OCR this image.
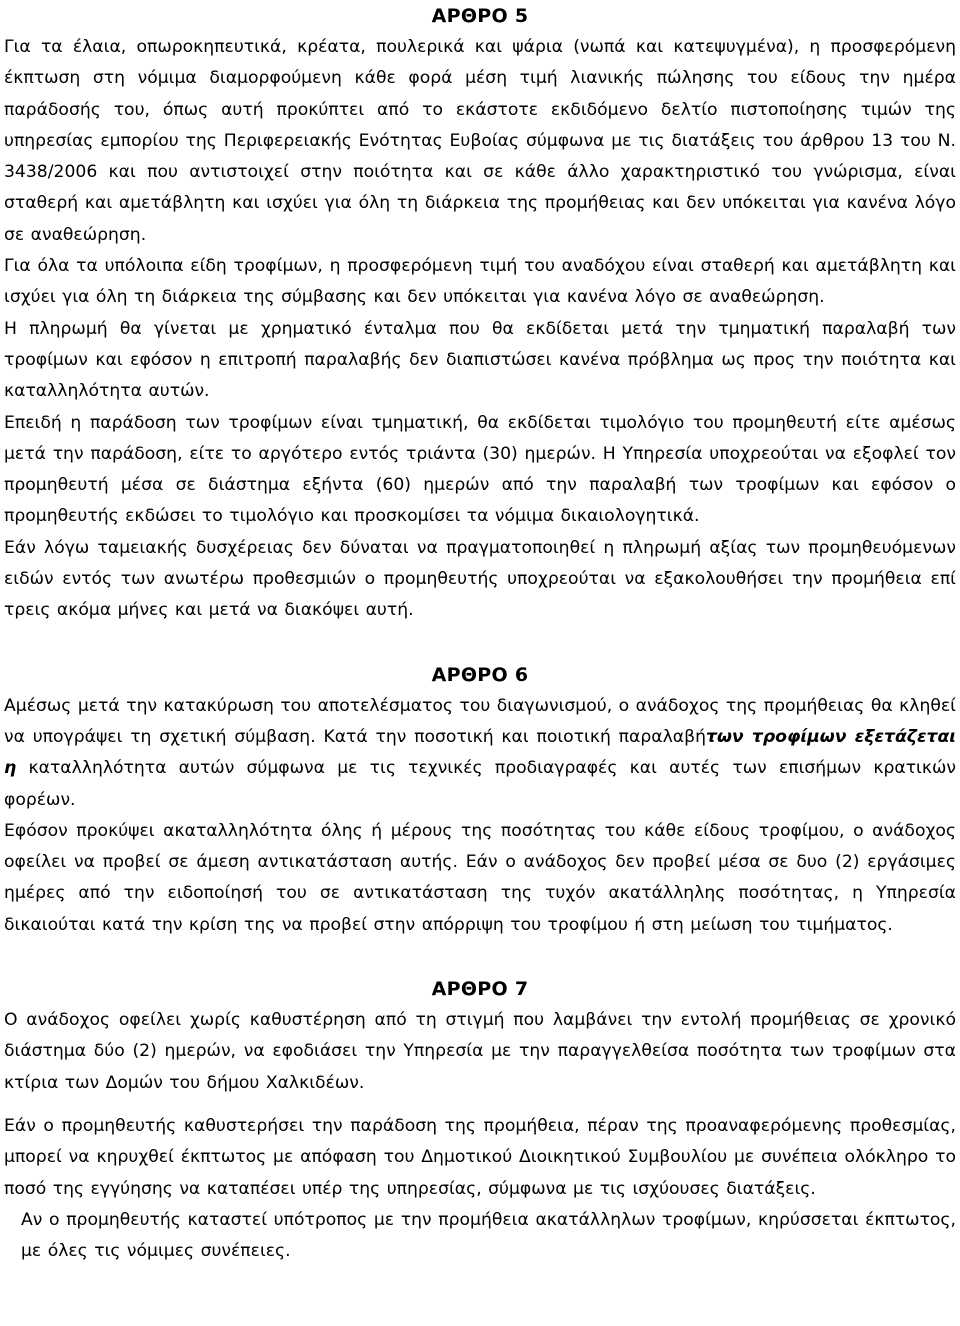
ΑΡΘΡΟ 5

Για τα έλαια, οπωροκηπευτικά, κρέατα, πουλερικά και ψάρια (νωπά και κατεψυγμένα), η προσφερόμενη έκπτωση στη νόμιμα διαμορφούμενη κάθε φορά μέση τιμή λιανικής πώλησης του είδους την ημέρα παράδοσής του, όπως αυτή προκύπτει από το εκάστοτε εκδιδόμενο δελτίο πιστοποίησης τιμών της υπηρεσίας εμπορίου της Περιφερειακής Ενότητας Ευβοίας σύμφωνα με τις διατάξεις του άρθρου 13 του Ν. 3438/2006 και που αντιστοιχεί στην ποιότητα και σε κάθε άλλο χαρακτηριστικό του γνώρισμα, είναι σταθερή και αμετάβλητη και ισχύει για όλη τη διάρκεια της προμήθειας και δεν υπόκειται για κανένα λόγο σε αναθεώρηση.

Για όλα τα υπόλοιπα είδη τροφίμων, η προσφερόμενη τιμή του αναδόχου είναι σταθερή και αμετάβλητη και ισχύει για όλη τη διάρκεια της σύμβασης και δεν υπόκειται για κανένα λόγο σε αναθεώρηση.

Η πληρωμή θα γίνεται με χρηματικό ένταλμα που θα εκδίδεται μετά την τμηματική παραλαβή των τροφίμων και εφόσον η επιτροπή παραλαβής δεν διαπιστώσει κανένα πρόβλημα ως προς την ποιότητα και καταλληλότητα αυτών.

Επειδή η παράδοση των τροφίμων είναι τμηματική, θα εκδίδεται τιμολόγιο του προμηθευτή είτε αμέσως μετά την παράδοση, είτε το αργότερο εντός τριάντα (30) ημερών. Η Υπηρεσία υποχρεούται να εξοφλεί τον προμηθευτή μέσα σε διάστημα εξήντα (60) ημερών από την παραλαβή των τροφίμων και εφόσον ο προμηθευτής εκδώσει το τιμολόγιο και προσκομίσει τα νόμιμα δικαιολογητικά.

Εάν λόγω ταμειακής δυσχέρειας δεν δύναται να πραγματοποιηθεί η πληρωμή αξίας των προμηθευόμενων ειδών εντός των ανωτέρω προθεσμιών ο προμηθευτής υποχρεούται να εξακολουθήσει την προμήθεια επί τρεις ακόμα μήνες και μετά να διακόψει αυτή.

ΑΡΘΡΟ 6

Αμέσως μετά την κατακύρωση του αποτελέσματος του διαγωνισμού, ο ανάδοχος της προμήθειας θα κληθεί να υπογράψει τη σχετική σύμβαση. Κατά την ποσοτική και ποιοτική παραλαβήτων τροφίμων εξετάζεται η καταλληλότητα αυτών σύμφωνα με τις τεχνικές προδιαγραφές και αυτές των επισήμων κρατικών φορέων.

Εφόσον προκύψει ακαταλληλότητα όλης ή μέρους της ποσότητας του κάθε είδους τροφίμου, ο ανάδοχος οφείλει να προβεί σε άμεση αντικατάσταση αυτής. Εάν ο ανάδοχος δεν προβεί μέσα σε δυο (2) εργάσιμες ημέρες από την ειδοποίησή του σε αντικατάσταση της τυχόν ακατάλληλης ποσότητας, η Υπηρεσία δικαιούται κατά την κρίση της να προβεί στην απόρριψη του τροφίμου ή στη μείωση του τιμήματος.

ΑΡΘΡΟ 7

Ο ανάδοχος οφείλει χωρίς καθυστέρηση από τη στιγμή που λαμβάνει την εντολή προμήθειας σε χρονικό διάστημα δύο (2) ημερών, να εφοδιάσει την Υπηρεσία με την παραγγελθείσα ποσότητα των τροφίμων στα κτίρια των Δομών του δήμου Χαλκιδέων.

Εάν ο προμηθευτής καθυστερήσει την παράδοση της προμήθεια, πέραν της προαναφερόμενης προθεσμίας, μπορεί να κηρυχθεί έκπτωτος με απόφαση του Δημοτικού Διοικητικού Συμβουλίου με συνέπεια ολόκληρο το ποσό της εγγύησης να καταπέσει υπέρ της υπηρεσίας, σύμφωνα με τις ισχύουσες διατάξεις.

Αν ο προμηθευτής καταστεί υπότροπος με την προμήθεια ακατάλληλων τροφίμων, κηρύσσεται έκπτωτος, με όλες τις νόμιμες συνέπειες.
